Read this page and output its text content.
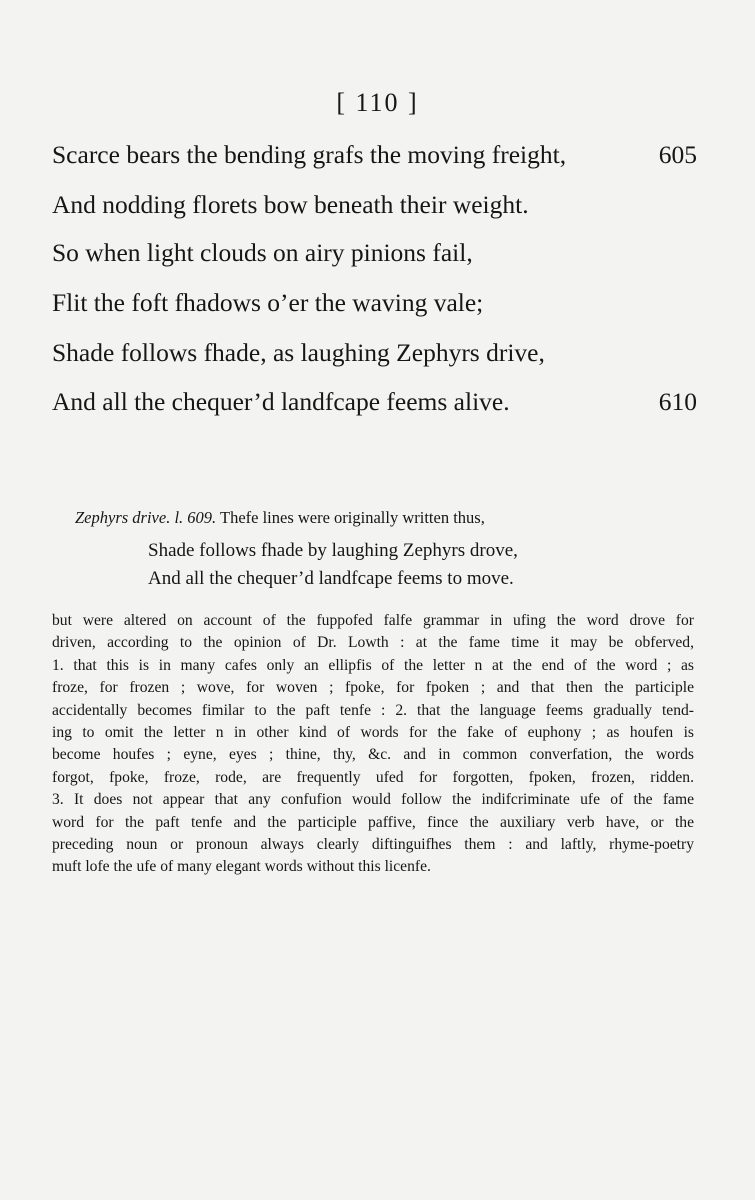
[ 110 ]
Scarce bears the bending grafs the moving freight,	605
And nodding florets bow beneath their weight.
So when light clouds on airy pinions fail,
Flit the foft fhadows o’er the waving vale;
Shade follows fhade, as laughing Zephyrs drive,
And all the chequer’d landfcape feems alive.	610
Zephyrs drive. l. 609. Thefe lines were originally written thus,
Shade follows fhade by laughing Zephyrs drove,
And all the chequer’d landfcape feems to move.
but were altered on account of the fuppofed falfe grammar in ufing the word drove for
driven, according to the opinion of Dr. Lowth : at the fame time it may be obferved,
1. that this is in many cafes only an ellipfis of the letter n at the end of the word ; as
froze, for frozen ; wove, for woven ; fpoke, for fpoken ; and that then the participle
accidentally becomes fimilar to the paft tenfe : 2. that the language feems gradually tend-
ing to omit the letter n in other kind of words for the fake of euphony ; as houfen is
become houfes ; eyne, eyes ; thine, thy, &c. and in common converfation, the words
forgot, fpoke, froze, rode, are frequently ufed for forgotten, fpoken, frozen, ridden.
3. It does not appear that any confufion would follow the indifcriminate ufe of the fame
word for the paft tenfe and the participle paffive, fince the auxiliary verb have, or the
preceding noun or pronoun always clearly diftinguifhes them : and laftly, rhyme-poetry
muft lofe the ufe of many elegant words without this licenfe.
